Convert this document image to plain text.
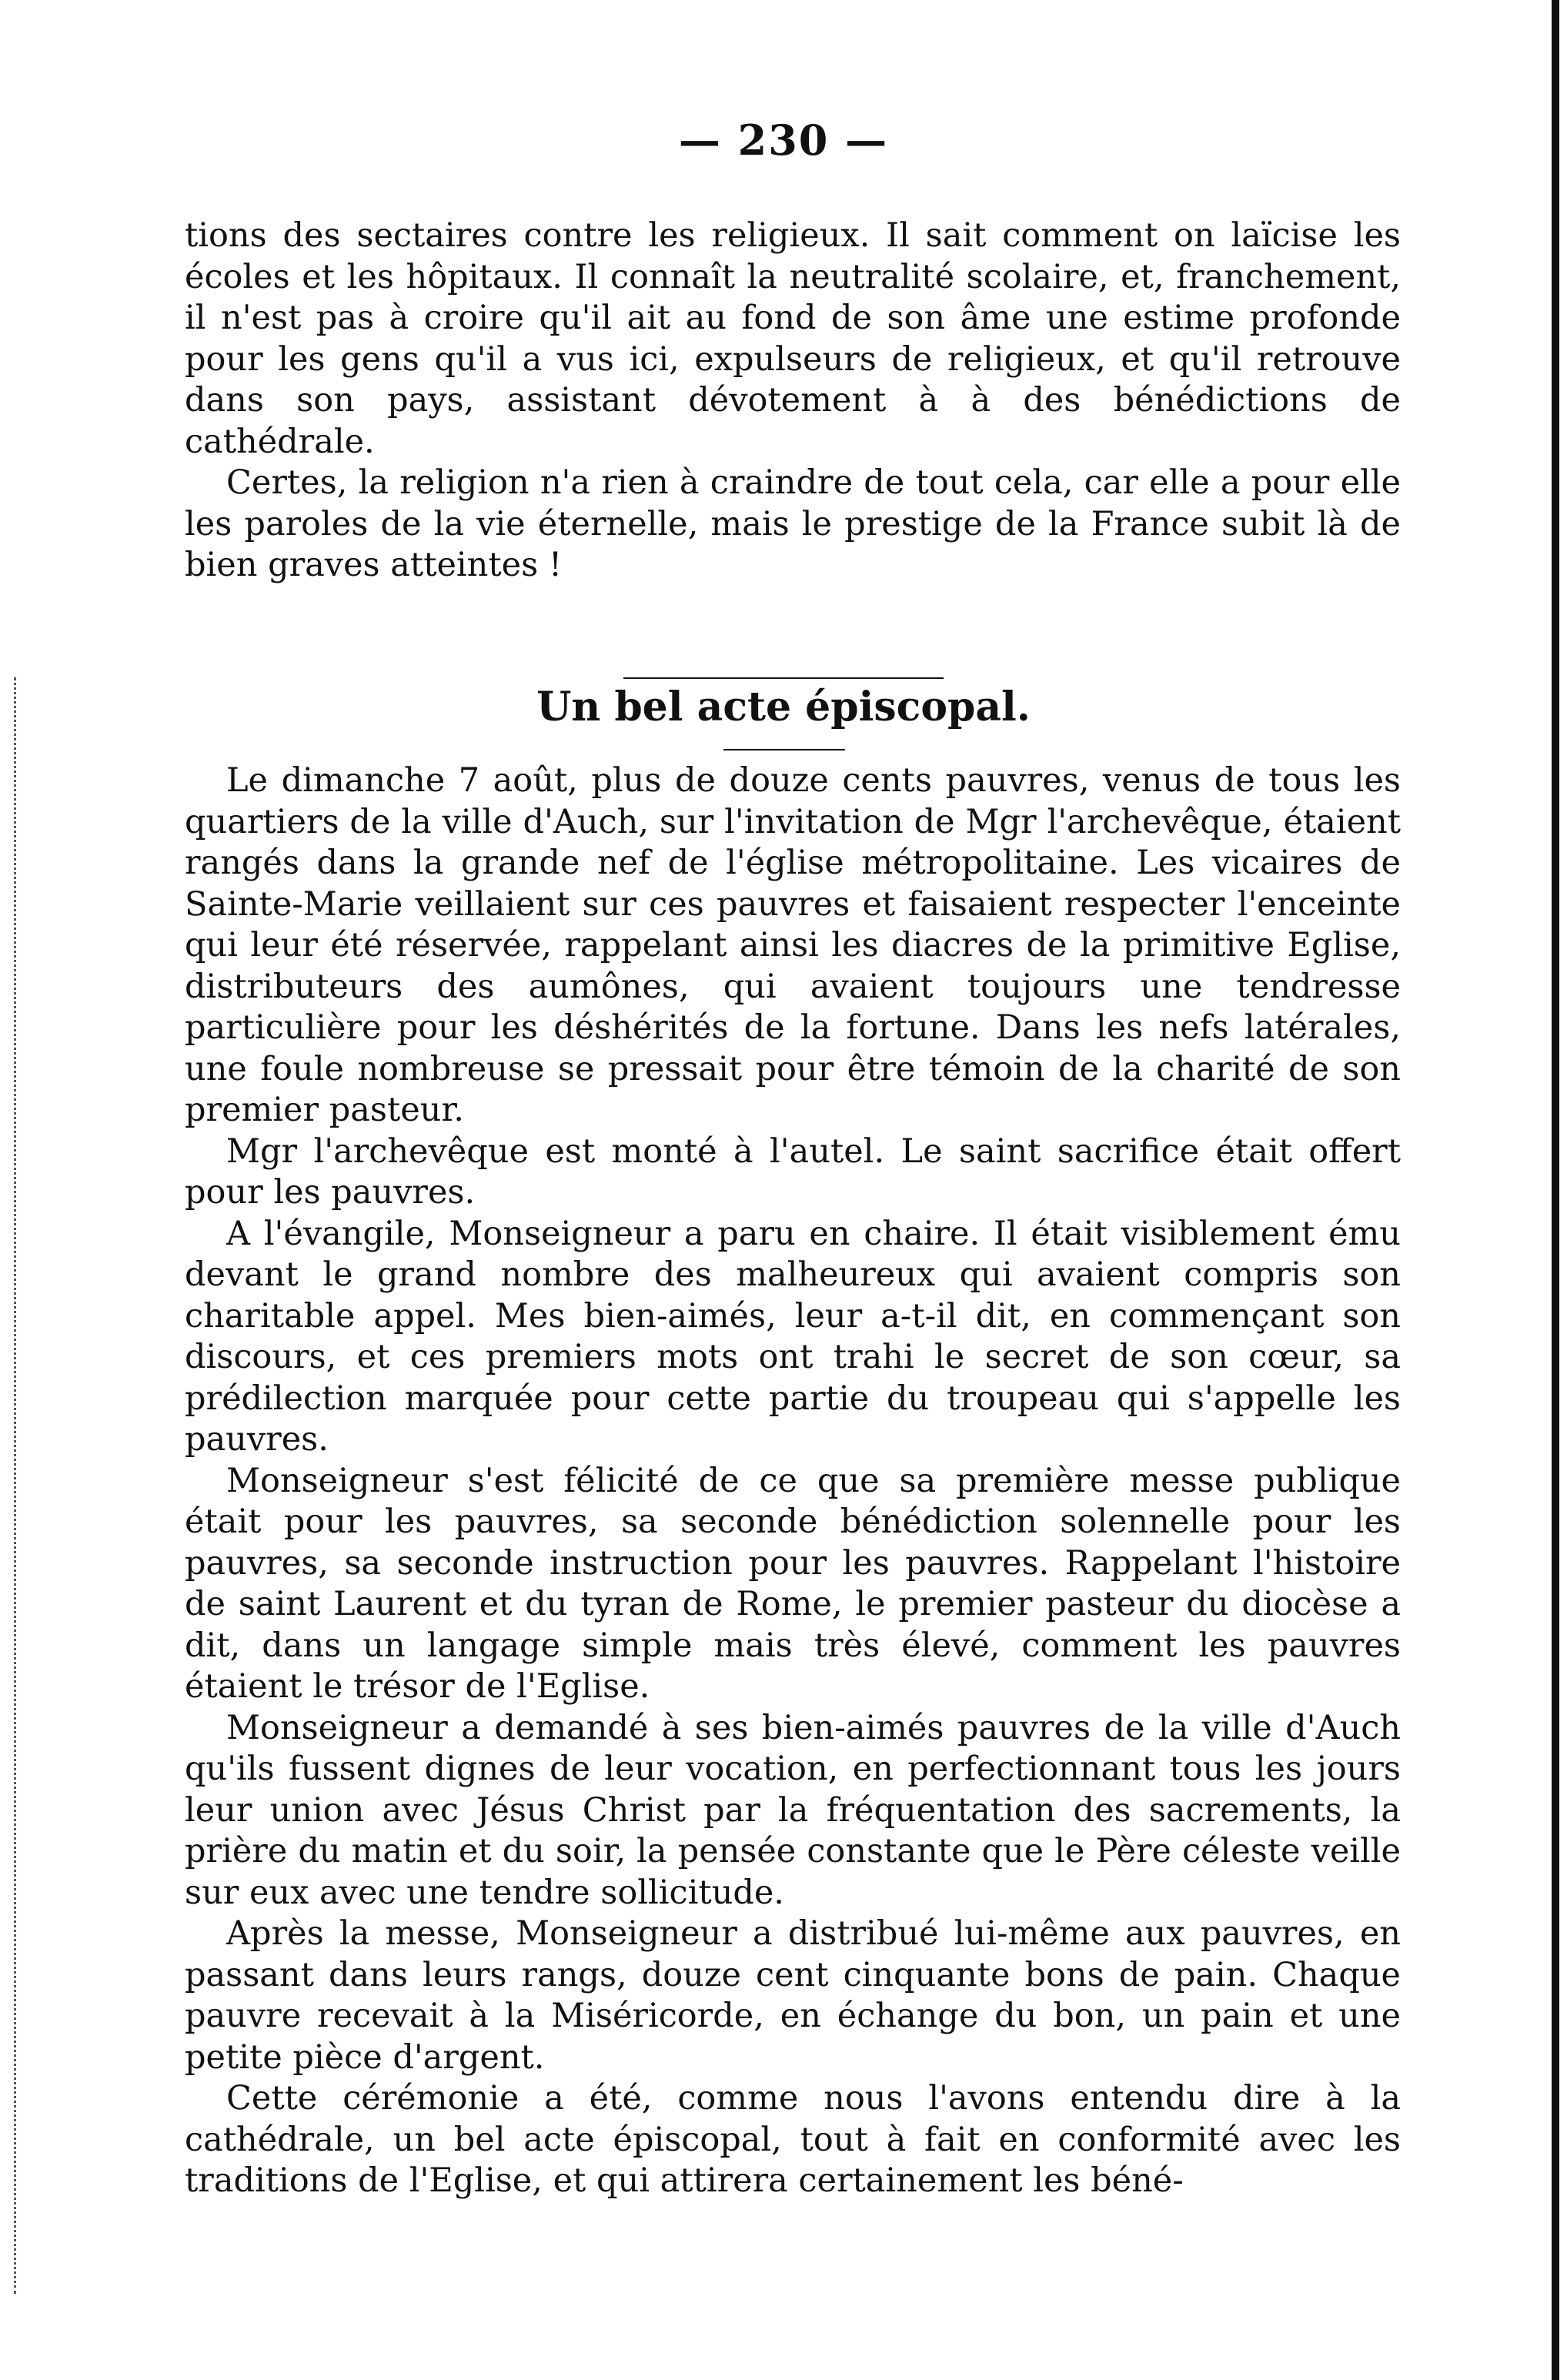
— 230 —

tions des sectaires contre les religieux. Il sait comment on laïcise les écoles et les hôpitaux. Il connaît la neutralité scolaire, et, franchement, il n'est pas à croire qu'il ait au fond de son âme une estime profonde pour les gens qu'il a vus ici, expulseurs de religieux, et qu'il retrouve dans son pays, assistant dévotement à à des bénédictions de cathédrale.

Certes, la religion n'a rien à craindre de tout cela, car elle a pour elle les paroles de la vie éternelle, mais le prestige de la France subit là de bien graves atteintes !

Un bel acte épiscopal.

Le dimanche 7 août, plus de douze cents pauvres, venus de tous les quartiers de la ville d'Auch, sur l'invitation de Mgr l'archevêque, étaient rangés dans la grande nef de l'église métropolitaine. Les vicaires de Sainte-Marie veillaient sur ces pauvres et faisaient respecter l'enceinte qui leur été réservée, rappelant ainsi les diacres de la primitive Eglise, distributeurs des aumônes, qui avaient toujours une tendresse particulière pour les déshérités de la fortune. Dans les nefs latérales, une foule nombreuse se pressait pour être témoin de la charité de son premier pasteur.

Mgr l'archevêque est monté à l'autel. Le saint sacrifice était offert pour les pauvres.

A l'évangile, Monseigneur a paru en chaire. Il était visiblement ému devant le grand nombre des malheureux qui avaient compris son charitable appel. Mes bien-aimés, leur a-t-il dit, en commençant son discours, et ces premiers mots ont trahi le secret de son cœur, sa prédilection marquée pour cette partie du troupeau qui s'appelle les pauvres.

Monseigneur s'est félicité de ce que sa première messe publique était pour les pauvres, sa seconde bénédiction solennelle pour les pauvres, sa seconde instruction pour les pauvres. Rappelant l'histoire de saint Laurent et du tyran de Rome, le premier pasteur du diocèse a dit, dans un langage simple mais très élevé, comment les pauvres étaient le trésor de l'Eglise.

Monseigneur a demandé à ses bien-aimés pauvres de la ville d'Auch qu'ils fussent dignes de leur vocation, en perfectionnant tous les jours leur union avec Jésus Christ par la fréquentation des sacrements, la prière du matin et du soir, la pensée constante que le Père céleste veille sur eux avec une tendre sollicitude.

Après la messe, Monseigneur a distribué lui-même aux pauvres, en passant dans leurs rangs, douze cent cinquante bons de pain. Chaque pauvre recevait à la Miséricorde, en échange du bon, un pain et une petite pièce d'argent.

Cette cérémonie a été, comme nous l'avons entendu dire à la cathédrale, un bel acte épiscopal, tout à fait en conformité avec les traditions de l'Eglise, et qui attirera certainement les béné-
